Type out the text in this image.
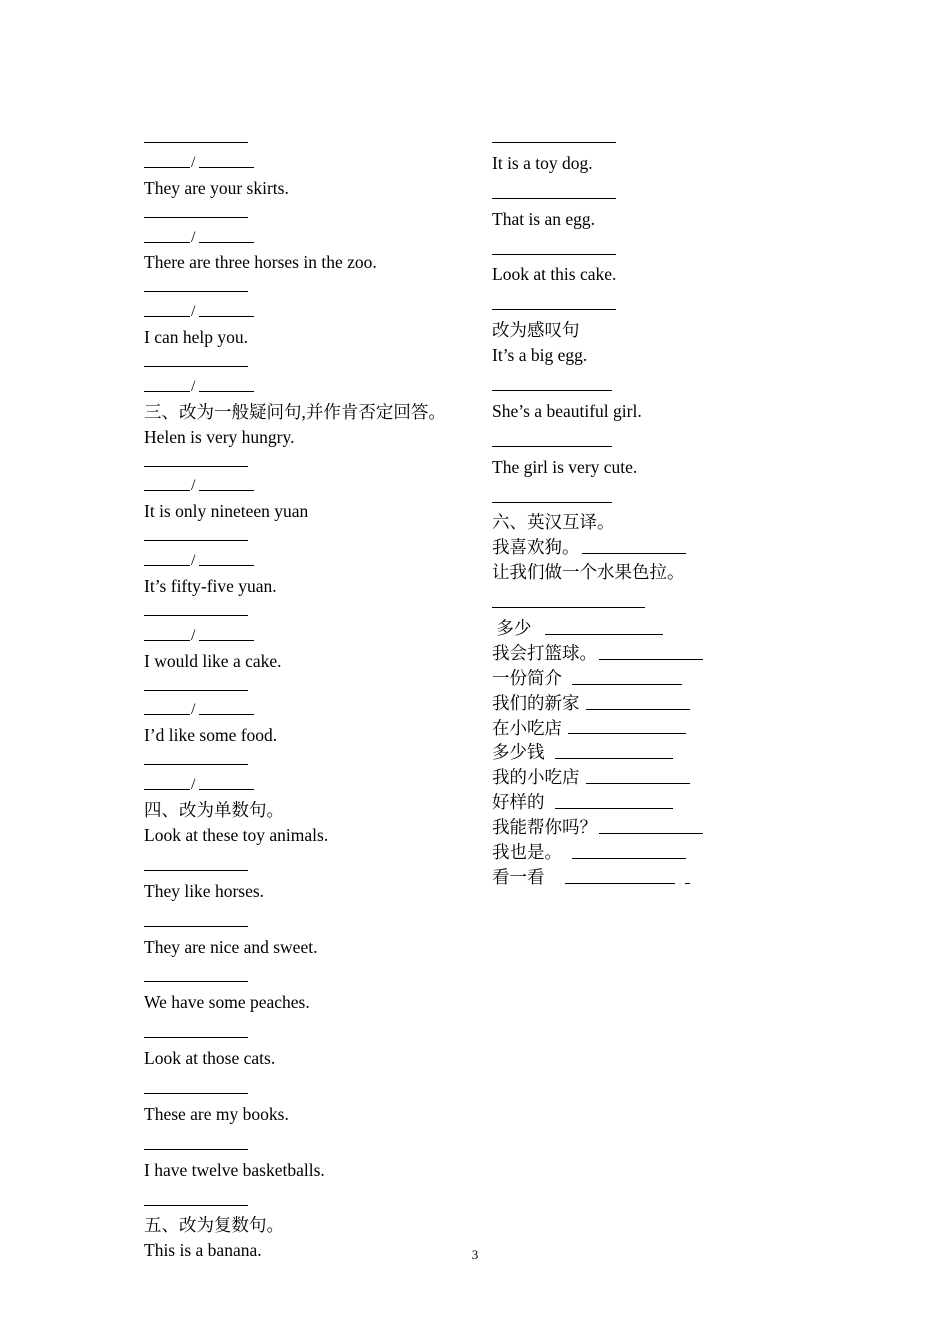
/
They are your skirts.
/
There are three horses in the zoo.
/
I can help you.
/
三、改为一般疑问句,并作肯否定回答。
Helen is very hungry.
/
It is only nineteen yuan
/
It’s fifty-five yuan.
/
I would like a cake.
/
I’d like some food.
/
四、改为单数句。
Look at these toy animals.
They like horses.
They are nice and sweet.
We have some peaches.
Look at those cats.
These are my books.
I have twelve basketballs.
五、改为复数句。
This is a banana.
It is a toy dog.
That is an egg.
Look at this cake.
改为感叹句
It’s a big egg.
She’s a beautiful girl.
The girl is very cute.
六、英汉互译。
我喜欢狗。
让我们做一个水果色拉。
多少
我会打篮球。
一份简介
我们的新家
在小吃店
多少钱
我的小吃店
好样的
我能帮你吗？
我也是。
看一看
3
